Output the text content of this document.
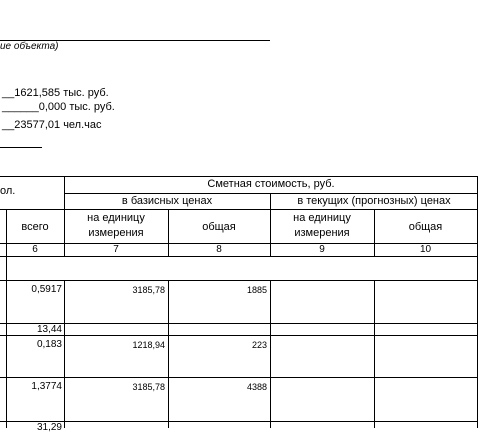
ие объекта)
__1621,585 тыс. руб.
______0,000 тыс. руб.
__23577,01 чел.час
ол.
Сметная стоимость, руб.
в базисных ценах	в текущих (прогнозных) ценах
всего
на единицу измерения	общая
на единицу измерения	общая
6	7	8	9	10
0,5917	3185,78	1885
13,44
0,183	1218,94	223
1,3774	3185,78	4388
31,29
